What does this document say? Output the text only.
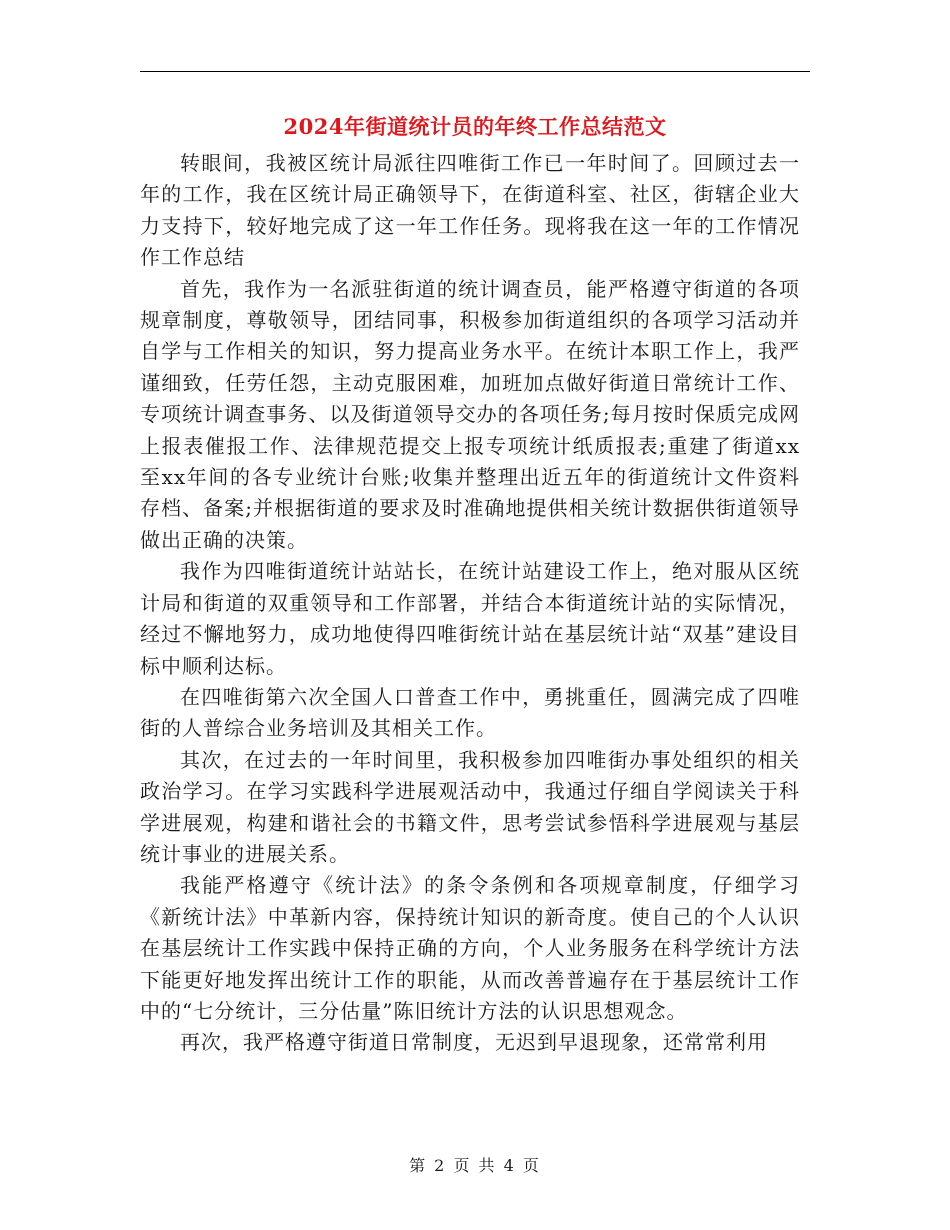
2024年街道统计员的年终工作总结范文

转眼间，我被区统计局派往四唯街工作已一年时间了。回顾过去一年的工作，我在区统计局正确领导下，在街道科室、社区，街辖企业大力支持下，较好地完成了这一年工作任务。现将我在这一年的工作情况作工作总结

首先，我作为一名派驻街道的统计调查员，能严格遵守街道的各项规章制度，尊敬领导，团结同事，积极参加街道组织的各项学习活动并自学与工作相关的知识，努力提高业务水平。在统计本职工作上，我严谨细致，任劳任怨，主动克服困难，加班加点做好街道日常统计工作、专项统计调查事务、以及街道领导交办的各项任务;每月按时保质完成网上报表催报工作、法律规范提交上报专项统计纸质报表;重建了街道xx至xx年间的各专业统计台账;收集并整理出近五年的街道统计文件资料存档、备案;并根据街道的要求及时准确地提供相关统计数据供街道领导做出正确的决策。

我作为四唯街道统计站站长，在统计站建设工作上，绝对服从区统计局和街道的双重领导和工作部署，并结合本街道统计站的实际情况，经过不懈地努力，成功地使得四唯街统计站在基层统计站“双基”建设目标中顺利达标。

在四唯街第六次全国人口普查工作中，勇挑重任，圆满完成了四唯街的人普综合业务培训及其相关工作。

其次，在过去的一年时间里，我积极参加四唯街办事处组织的相关政治学习。在学习实践科学进展观活动中，我通过仔细自学阅读关于科学进展观，构建和谐社会的书籍文件，思考尝试参悟科学进展观与基层统计事业的进展关系。

我能严格遵守《统计法》的条令条例和各项规章制度，仔细学习《新统计法》中革新内容，保持统计知识的新奇度。使自己的个人认识在基层统计工作实践中保持正确的方向，个人业务服务在科学统计方法下能更好地发挥出统计工作的职能，从而改善普遍存在于基层统计工作中的“七分统计，三分估量”陈旧统计方法的认识思想观念。

再次，我严格遵守街道日常制度，无迟到早退现象，还常常利用

第 2 页 共 4 页
